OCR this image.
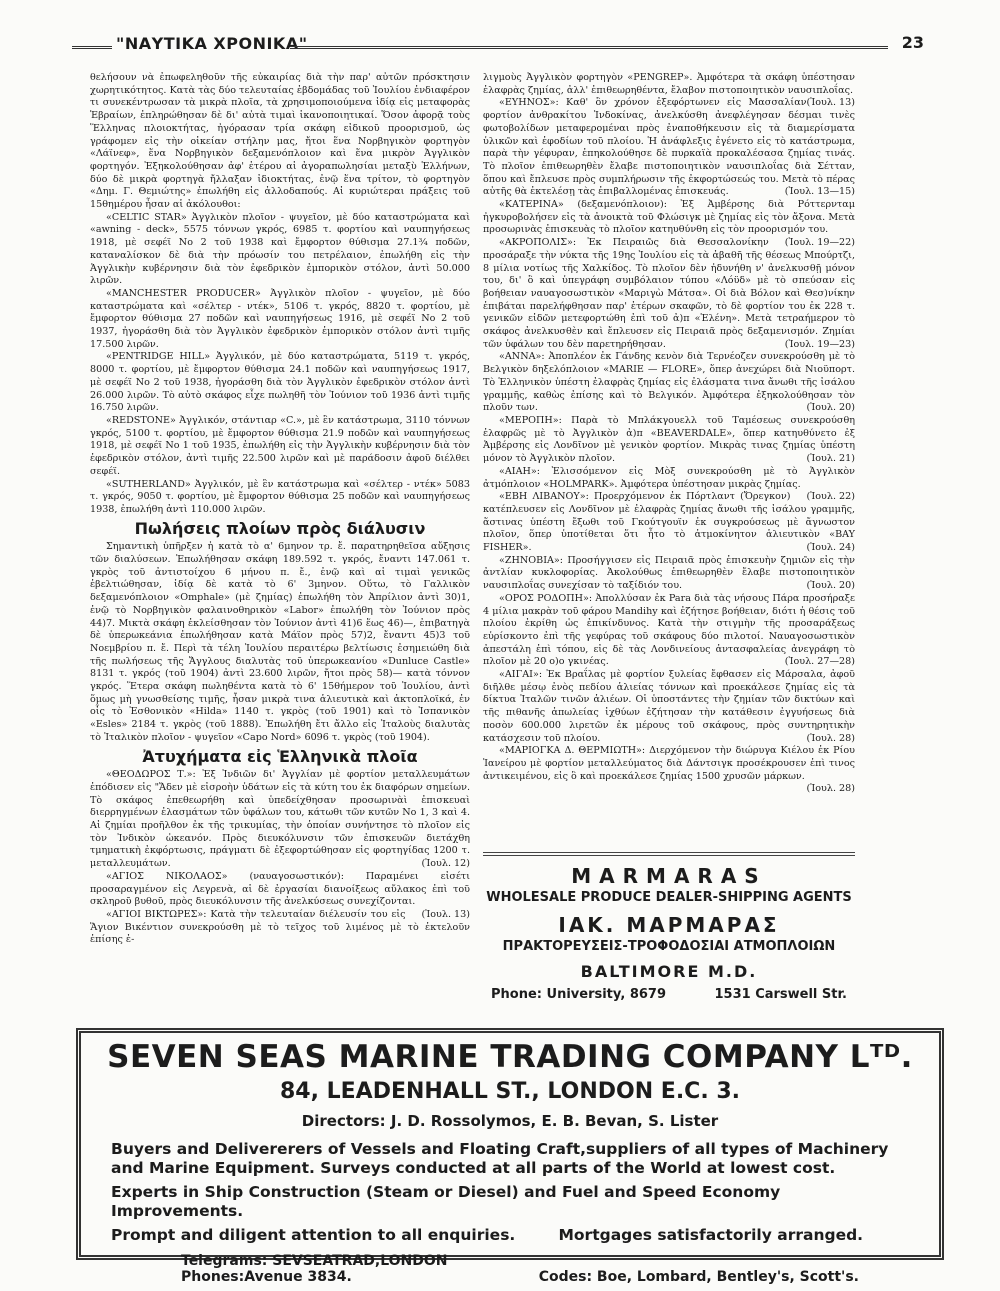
"ΝΑΥΤΙΚΑ ΧΡΟΝΙΚΑ"	23

θελήσουν νὰ ἐπωφεληθοῦν τῆς εὐκαιρίας διὰ τὴν παρ' αὐτῶν πρόσκτησιν χωρητικότητος. Κατὰ τὰς δύο τελευταίας ἑβδομάδας τοῦ Ἰουλίου ἐνδιαφέρον τι συνεκέντρωσαν τὰ μικρὰ πλοῖα, τὰ χρησιμοποιούμενα ἰδίᾳ εἰς μεταφορὰς Ἑβραίων, ἐπληρώθησαν δὲ δι' αὐτὰ τιμαὶ ἱκανοποιητικαί. Ὅσον ἀφορᾷ τοὺς Ἕλληνας πλοιοκτήτας, ἠγόρασαν τρία σκάφη εἰδικοῦ προορισμοῦ, ὡς γράφομεν εἰς τὴν οἰκείαν στήλην μας, ἤτοι ἕνα Νορβηγικὸν φορτηγὸν «Λάϊνεφ», ἕνα Νορβηγικὸν δεξαμενόπλοιον καὶ ἕνα μικρὸν Ἀγγλικὸν φορτηγόν. Ἐξηκολούθησαν ἀφ' ἑτέρου αἱ ἀγοραπωλησίαι μεταξὺ Ἑλλήνων, δύο δὲ μικρὰ φορτηγὰ ἤλλαξαν ἰδιοκτήτας, ἐνῷ ἕνα τρίτον, τὸ φορτηγὸν «Δημ. Γ. Θεμιώτης» ἐπωλήθη εἰς ἀλλοδαπούς. Αἱ κυριώτεραι πράξεις τοῦ 15θημέρου ἦσαν αἱ ἀκόλουθοι:

«CELTIC STAR» Ἀγγλικὸν πλοῖον - ψυγεῖον, μὲ δύο καταστρώματα καὶ «awning - deck», 5575 τόννων γκρός, 6985 τ. φορτίου καὶ ναυπηγήσεως 1918, μὲ σεφέϊ Νο 2 τοῦ 1938 καὶ ἔμφορτον θύθισμα 27.1¾ ποδῶν, καταναλίσκον δὲ διὰ τὴν πρόωσίν του πετρέλαιον, ἐπωλήθη εἰς τὴν Ἀγγλικὴν κυβέρνησιν διὰ τὸν ἐφεδρικὸν ἐμπορικὸν στόλον, ἀντὶ 50.000 λιρῶν.

«MANCHESTER PRODUCER» Ἀγγλικὸν πλοῖον - ψυγεῖον, μὲ δύο καταστρώματα καὶ «σέλτερ - ντέκ», 5106 τ. γκρός, 8820 τ. φορτίου, μὲ ἔμφορτον θύθισμα 27 ποδῶν καὶ ναυπηγήσεως 1916, μὲ σεφέϊ Νο 2 τοῦ 1937, ἠγοράσθη διὰ τὸν Ἀγγλικὸν ἐφεδρικὸν ἐμπορικὸν στόλον ἀντὶ τιμῆς 17.500 λιρῶν.

«PENTRIDGE HILL» Ἀγγλικόν, μὲ δύο καταστρώματα, 5119 τ. γκρός, 8000 τ. φορτίου, μὲ ἔμφορτον θύθισμα 24.1 ποδῶν καὶ ναυπηγήσεως 1917, μὲ σεφέϊ Νο 2 τοῦ 1938, ἠγοράσθη διὰ τὸν Ἀγγλικὸν ἐφεδρικὸν στόλον ἀντὶ 26.000 λιρῶν. Τὸ αὐτὸ σκάφος εἶχε πωληθῆ τὸν Ἰούνιον τοῦ 1936 ἀντὶ τιμῆς 16.750 λιρῶν.

«REDSTONE» Ἀγγλικόν, στάντιαρ «C.», μὲ ἓν κατάστρωμα, 3110 τόννων γκρός, 5100 τ. φορτίου, μὲ ἔμφορτον θύθισμα 21.9 ποδῶν καὶ ναυπηγήσεως 1918, μὲ σεφέϊ Νο 1 τοῦ 1935, ἐπωλήθη εἰς τὴν Ἀγγλικὴν κυβέρνησιν διὰ τὸν ἐφεδρικὸν στόλον, ἀντὶ τιμῆς 22.500 λιρῶν καὶ μὲ παράδοσιν ἀφοῦ διέλθει σεφέϊ.

«SUTHERLAND» Ἀγγλικόν, μὲ ἓν κατάστρωμα καὶ «σέλτερ - ντέκ» 5083 τ. γκρός, 9050 τ. φορτίου, μὲ ἔμφορτον θύθισμα 25 ποδῶν καὶ ναυπηγήσεως 1938, ἐπωλήθη ἀντὶ 110.000 λιρῶν.

Πωλήσεις πλοίων πρὸς διάλυσιν

Σημαντικὴ ὑπῆρξεν ἡ κατὰ τὸ α' 6μηνον τρ. ἔ. παρατηρηθεῖσα αὔξησις τῶν διαλύσεων. Ἐπωλήθησαν σκάφη 189.592 τ. γκρός, ἔναντι 147.061 τ. γκρὸς τοῦ ἀντιστοίχου 6 μήνου π. ἔ., ἐνῷ καὶ αἱ τιμαὶ γενικῶς ἐβελτιώθησαν, ἰδίᾳ δὲ κατὰ τὸ 6' 3μηνον. Οὕτω, τὸ Γαλλικὸν δεξαμενόπλοιον «Omphale» (μὲ ζημίας) ἐπωλήθη τὸν Ἀπρίλιον ἀντὶ 30)1, ἐνῷ τὸ Νορβηγικὸν φαλαινοθηρικὸν «Labor» ἐπωλήθη τὸν Ἰούνιον πρὸς 44)7. Μικτὰ σκάφη ἐκλείσθησαν τὸν Ἰούνιον ἀντὶ 41)6 ἕως 46)—, ἐπιβατηγὰ δὲ ὑπερωκεάνια ἐπωλήθησαν κατὰ Μάϊον πρὸς 57)2, ἔναντι 45)3 τοῦ Νοεμβρίου π. ἔ. Περὶ τὰ τέλη Ἰουλίου περαιτέρω βελτίωσις ἐσημειώθη διὰ τῆς πωλήσεως τῆς Ἄγγλους διαλυτὰς τοῦ ὑπερωκεανίου «Dunluce Castle» 8131 τ. γκρός (τοῦ 1904) ἀντὶ 23.600 λιρῶν, ἤτοι πρὸς 58)— κατὰ τόννον γκρός. Ἕτερα σκάφη πωληθέντα κατὰ τὸ 6' 15θήμερον τοῦ Ἰουλίου, ἀντὶ ὅμως μὴ γνωσθείσης τιμῆς, ἦσαν μικρὰ τινα ἁλιευτικὰ καὶ ἀκτοπλοϊκά, ἐν οἷς τὸ Ἐσθονικὸν «Hilda» 1140 τ. γκρὸς (τοῦ 1901) καὶ τὸ Ἰσπανικὸν «Esles» 2184 τ. γκρὸς (τοῦ 1888). Ἐπωλήθη ἔτι ἄλλο εἰς Ἰταλοὺς διαλυτὰς τὸ Ἰταλικὸν πλοῖον - ψυγεῖον «Capo Nord» 6096 τ. γκρὸς (τοῦ 1904).

Ἀτυχήματα εἰς Ἑλληνικὰ πλοῖα

«ΘΕΟΔΩΡΟΣ Τ.»: Ἐξ Ἰνδιῶν δι' Ἀγγλίαν μὲ φορτίον μεταλλευμάτων ἐπόδισεν εἰς "Ἄδεν μὲ εἰσροὴν ὑδάτων εἰς τὰ κύτη του ἐκ διαφόρων σημείων. Τὸ σκάφος ἐπεθεωρήθη καὶ ὑπεδείχθησαν προσωρινὰὶ ἐπισκευαὶ διερρηγμένων ἐλασμάτων τῶν ὑφάλων του, κάτωθι τῶν κυτῶν Νο 1, 3 καὶ 4. Αἱ ζημίαι προῆλθον ἐκ τῆς τρικυμίας, τὴν ὁποίαν συνήντησε τὸ πλοῖον εἰς τὸν Ἰνδικὸν ὠκεανόν. Πρὸς διευκόλυνσιν τῶν ἐπισκευῶν διετάχθη τμηματικὴ ἐκφόρτωσις, πράγματι δὲ ἐξεφορτώθησαν εἰς φορτηγίδας 1200 τ. μεταλλευμάτων.	(Ἰουλ. 12)

«ΑΓΙΟΣ ΝΙΚΟΛΑΟΣ» (ναυαγοσωστικόν): Παραμένει εἰσέτι προσαραγμένον εἰς Λεγρενὰ, αἱ δὲ ἐργασίαι διανοίξεως αὔλακος ἐπὶ τοῦ σκληροῦ βυθοῦ, πρὸς διευκόλυνσιν τῆς ἀνελκύσεως συνεχίζονται.
(Ἰουλ. 13)

«ΑΓΙΟΙ ΒΙΚΤΩΡΕΣ»: Κατὰ τὴν τελευταίαν διέλευσίν του εἰς Ἅγιον Βικέντιον συνεκρούσθη μὲ τὸ τεῖχος τοῦ λιμένος μὲ τὸ ἐκτελοῦν ἐπίσης ἐ-

λιγμοὺς Ἀγγλικὸν φορτηγὸν «PENGREP». Ἀμφότερα τὰ σκάφη ὑπέστησαν ἐλαφρὰς ζημίας, ἀλλ' ἐπιθεωρηθέντα, ἔλαβον πιστοποιητικὸν ναυσιπλοΐας.
(Ἰουλ. 13)

«ΕΥΗΝΟΣ»: Καθ' ὃν χρόνον ἐξεφόρτωνεν εἰς Μασσαλίαν φορτίον ἀνθρακίτου Ἰνδοκίνας, ἀνελκύσθη ἀνεφλέγησαν δέσμαι τινὲς φωτοβολίδων μεταφερομέναι πρὸς ἐναποθήκευσιν εἰς τὰ διαμερίσματα ὑλικῶν καὶ ἐφοδίων τοῦ πλοίου. Ἡ ἀνάφλεξις ἐγένετο εἰς τὸ κατάστρωμα, παρὰ τὴν γέφυραν, ἐπηκολούθησε δὲ πυρκαϊὰ προκαλέσασα ζημίας τινάς. Τὸ πλοῖον ἐπιθεωρηθὲν ἔλαβε πιστοποιητικὸν ναυσιπλοΐας διὰ Σέτταν, ὅπου καὶ ἔπλευσε πρὸς συμπλήρωσιν τῆς ἐκφορτώσεώς του. Μετὰ τὸ πέρας αὐτῆς θὰ ἐκτελέσῃ τὰς ἐπιβαλλομένας ἐπισκευάς.	(Ἰουλ. 13—15)

«ΚΑΤΕΡΙΝΑ» (δεξαμενόπλοιον): Ἐξ Ἀμβέρσης διὰ Ρόττερνταμ ἠγκυροβολήσεν εἰς τὰ ἀνοικτὰ τοῦ Φλώσιγκ μὲ ζημίας εἰς τὸν ἄξονα. Μετὰ προσωρινὰς ἐπισκευὰς τὸ πλοῖον κατηυθύνθη εἰς τὸν προορισμόν του.
(Ἰουλ. 19—22)

«ΑΚΡΟΠΟΛΙΣ»: Ἐκ Πειραιῶς διὰ Θεσσαλονίκην προσάραξε τὴν νύκτα τῆς 19ης Ἰουλίου εἰς τὰ ἀβαθῆ τῆς θέσεως Μπούρτζι, 8 μίλια νοτίως τῆς Χαλκίδος. Τὸ πλοῖον δὲν ἠδυνήθη ν' ἀνελκυσθῇ μόνον του, δι' ὃ καὶ ὑπεγράφη συμβόλαιον τύπου «Λόϋδ» μὲ τὸ σπεύσαν εἰς βοήθειαν ναυαγοσωστικὸν «Μαριγὼ Μάτσα». Οἱ διὰ Βόλον καὶ Θεσ)νίκην ἐπιβάται παρελήφθησαν παρ' ἑτέρων σκαφῶν, τὸ δὲ φορτίον του ἐκ 228 τ. γενικῶν εἰδῶν μετεφορτώθη ἐπὶ τοῦ ἀ)π «Ἑλένη». Μετὰ τετραήμερον τὸ σκάφος ἀνελκυσθὲν καὶ ἔπλευσεν εἰς Πειραιᾶ πρὸς δεξαμενισμόν. Ζημίαι τῶν ὑφάλων του δὲν παρετηρήθησαν.	(Ἰουλ. 19—23)

«ΑΝΝΑ»: Ἀποπλέον ἐκ Γάνδης κενὸν διὰ Τερνέοζεν συνεκρούσθη μὲ τὸ Βελγικὸν δηξελόπλοιον «MARIE — FLORE», ὅπερ ἀνεχώρει διὰ Νιοϋπορτ. Τὸ Ἑλληνικὸν ὑπέστη ἐλαφρὰς ζημίας εἰς ἐλάσματα τινα ἄνωθι τῆς ἰσάλου γραμμῆς, καθὼς ἐπίσης καὶ τὸ Βελγικόν. Ἀμφότερα ἐξηκολούθησαν τὸν πλοῦν των.	(Ἰουλ. 20)

«ΜΕΡΟΠΗ»: Παρὰ τὸ Μπλάκγουελλ τοῦ Ταμέσεως συνεκρούσθη ἐλαφρῶς μὲ τὸ Ἀγγλικὸν ἀ)π «BEAVERDALE», ὅπερ κατηυθύνετο ἐξ Ἀμβέρσης εἰς Λονδῖνον μὲ γενικὸν φορτίον. Μικρὰς τινας ζημίας ὑπέστη μόνον τὸ Ἀγγλικὸν πλοῖον.	(Ἰουλ. 21)

«ΑΙΑΗ»: Ἐλισσόμενον εἰς Μὸξ συνεκρούσθη μὲ τὸ Ἀγγλικὸν ἀτμόπλοιον «HOLMPARK». Ἀμφότερα ὑπέστησαν μικρὰς ζημίας.
(Ἰουλ. 22)

«ΕΒΗ ΛΙΒΑΝΟΥ»: Προερχόμενον ἐκ Πόρτλαντ (Ὄρεγκον) κατέπλευσεν εἰς Λονδῖνον μὲ ἐλαφρὰς ζημίας ἄνωθι τῆς ἰσάλου γραμμῆς, ἅστινας ὑπέστη ἔξωθι τοῦ Γκούτγουϊν ἐκ συγκρούσεως μὲ ἄγνωστον πλοῖον, ὅπερ ὑποτίθεται ὅτι ἦτο τὸ ἀτμοκίνητον ἁλιευτικὸν «BAY FISHER».	(Ἰουλ. 24)

«ΖΗΝΟΒΙΑ»: Προσήγγισεν εἰς Πειραιᾶ πρὸς ἐπισκευὴν ζημιῶν εἰς τὴν ἀντλίαν κυκλοφορίας. Ἀκολούθως ἐπιθεωρηθὲν ἔλαβε πιστοποιητικὸν ναυσιπλοΐας συνεχίσαν τὸ ταξίδιόν του.	(Ἰουλ. 20)

«ΟΡΟΣ ΡΟΔΟΠΗ»: Ἀπολλύσαν ἐκ Para διὰ τὰς νήσους Πάρα προσήραξε 4 μίλια μακρὰν τοῦ φάρου Mandihy καὶ ἐζήτησε βοήθειαν, διότι ἡ θέσις τοῦ πλοίου ἐκρίθη ὡς ἐπικίνδυνος. Κατὰ τὴν στιγμὴν τῆς προσαράξεως εὑρίσκοντο ἐπὶ τῆς γεφύρας τοῦ σκάφους δύο πιλοτοί. Ναυαγοσωστικὸν ἀπεστάλη ἐπὶ τόπου, εἰς δὲ τὰς Λονδινείους ἀντασφαλείας ἀνεγράφη τὸ πλοῖον μὲ 20 ο)ο γκινέας.	(Ἰουλ. 27—28)

«ΑΙΓΑΙ»: Ἐκ Βραΐλας μὲ φορτίον ξυλείας ἔφθασεν εἰς Μάρσαλα, ἀφοῦ διῆλθε μέσῳ ἐνὸς πεδίου ἁλιείας τόννων καὶ προεκάλεσε ζημίας εἰς τὰ δίκτυα Ἰταλῶν τινῶν ἁλιέων. Οἱ ὑποστάντες τὴν ζημίαν τῶν δικτύων καὶ τῆς πιθανῆς ἀπωλείας ἰχθύων ἐζήτησαν τὴν κατάθεσιν ἐγγυήσεως διὰ ποσὸν 600.000 λιρετῶν ἐκ μέρους τοῦ σκάφους, πρὸς συντηρητικὴν κατάσχεσιν τοῦ πλοίου.	(Ἰουλ. 28)

«ΜΑΡΙΟΓΚΑ Δ. ΘΕΡΜΙΩΤΗ»: Διερχόμενον τὴν διώρυγα Κιέλου ἐκ Ρίου Ἰανείρου μὲ φορτίον μεταλλεύματος διὰ Δάντσιγκ προσέκρουσεν ἐπὶ τινος ἀντικειμένου, εἰς ὃ καὶ προεκάλεσε ζημίας 1500 χρυσῶν μάρκων.
(Ἰουλ. 28)

MARMARAS
WHOLESALE PRODUCE DEALER-SHIPPING AGENTS
ΙΑΚ. ΜΑΡΜΑΡΑΣ
ΠΡΑΚΤΟΡΕΥΣΕΙΣ-ΤΡΟΦΟΔΟΣΙΑΙ ΑΤΜΟΠΛΟΙΩΝ
BALTIMORE M.D.
Phone: University, 8679	1531 Carswell Str.
SEVEN SEAS MARINE TRADING COMPANY Lᵀᴰ.
84, LEADENHALL ST., LONDON E.C. 3.
Directors: J. D. Rossolymos, E. B. Bevan, S. Lister

Buyers and Delivererers of Vessels and Floating Craft,suppliers of all types of Machinery and Marine Equipment. Surveys conducted at all parts of the World at lowest cost.

Experts in Ship Construction (Steam or Diesel) and Fuel and Speed Economy Improvements.

Prompt and diligent attention to all enquiries.        Mortgages satisfactorily arranged.

Telegrams: SEVSEATRAD,LONDON
Phones:Avenue 3834.	Codes: Boe, Lombard, Bentley's, Scott's.
